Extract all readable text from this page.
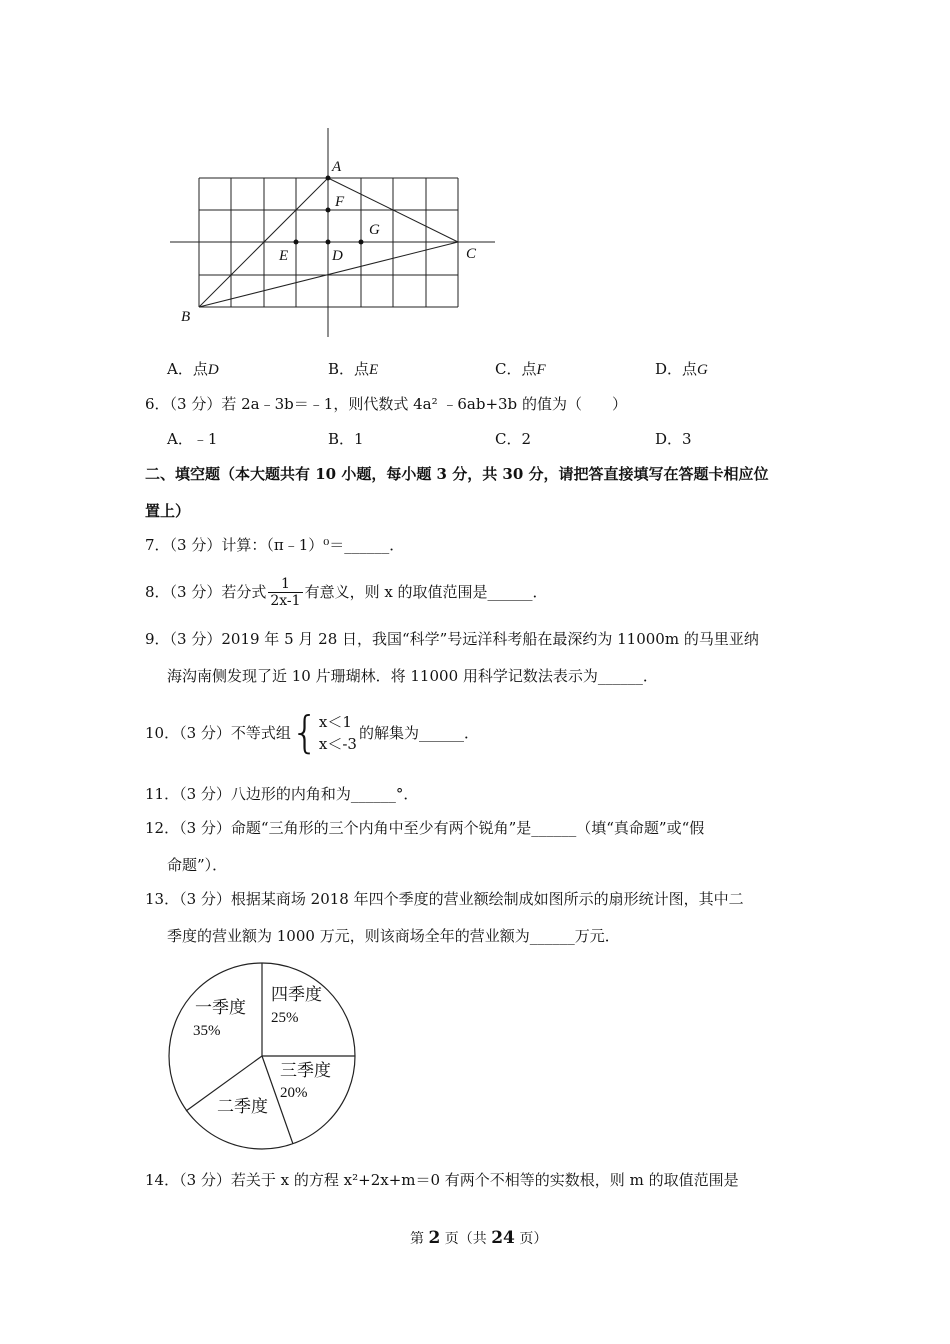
A
B
C
D
E
F
G
A．点D	B．点E	C．点F	D．点G
6．（3 分）若 2a﹣3b＝﹣1，则代数式 4a² ﹣6ab+3b 的值为（　　）
A．﹣1	B．1	C．2	D．3
二、填空题（本大题共有 10 小题，每小题 3 分，共 30 分，请把答直接填写在答题卡相应位
置上）
7．（3 分）计算：（π﹣1）⁰＝______．
8．（3 分）若分式 $\frac{1}{2x-1}$ 有意义，则 x 的取值范围是______．
9．（3 分）2019 年 5 月 28 日，我国“科学”号远洋科考船在最深约为 11000m 的马里亚纳
海沟南侧发现了近 10 片珊瑚林．将 11000 用科学记数法表示为______．
10．（3 分）不等式组 { x＜1
x＜-3
的解集为______．
11．（3 分）八边形的内角和为______°．
12．（3 分）命题“三角形的三个内角中至少有两个锐角”是______（填“真命题”或“假
命题”）．
13．（3 分）根据某商场 2018 年四个季度的营业额绘制成如图所示的扇形统计图，其中二
季度的营业额为 1000 万元，则该商场全年的营业额为______万元．
四季度
25%
一季度
35%
三季度
20%
二季度
14．（3 分）若关于 x 的方程 x²+2x+m＝0 有两个不相等的实数根，则 m 的取值范围是
第 2 页（共 24 页）
